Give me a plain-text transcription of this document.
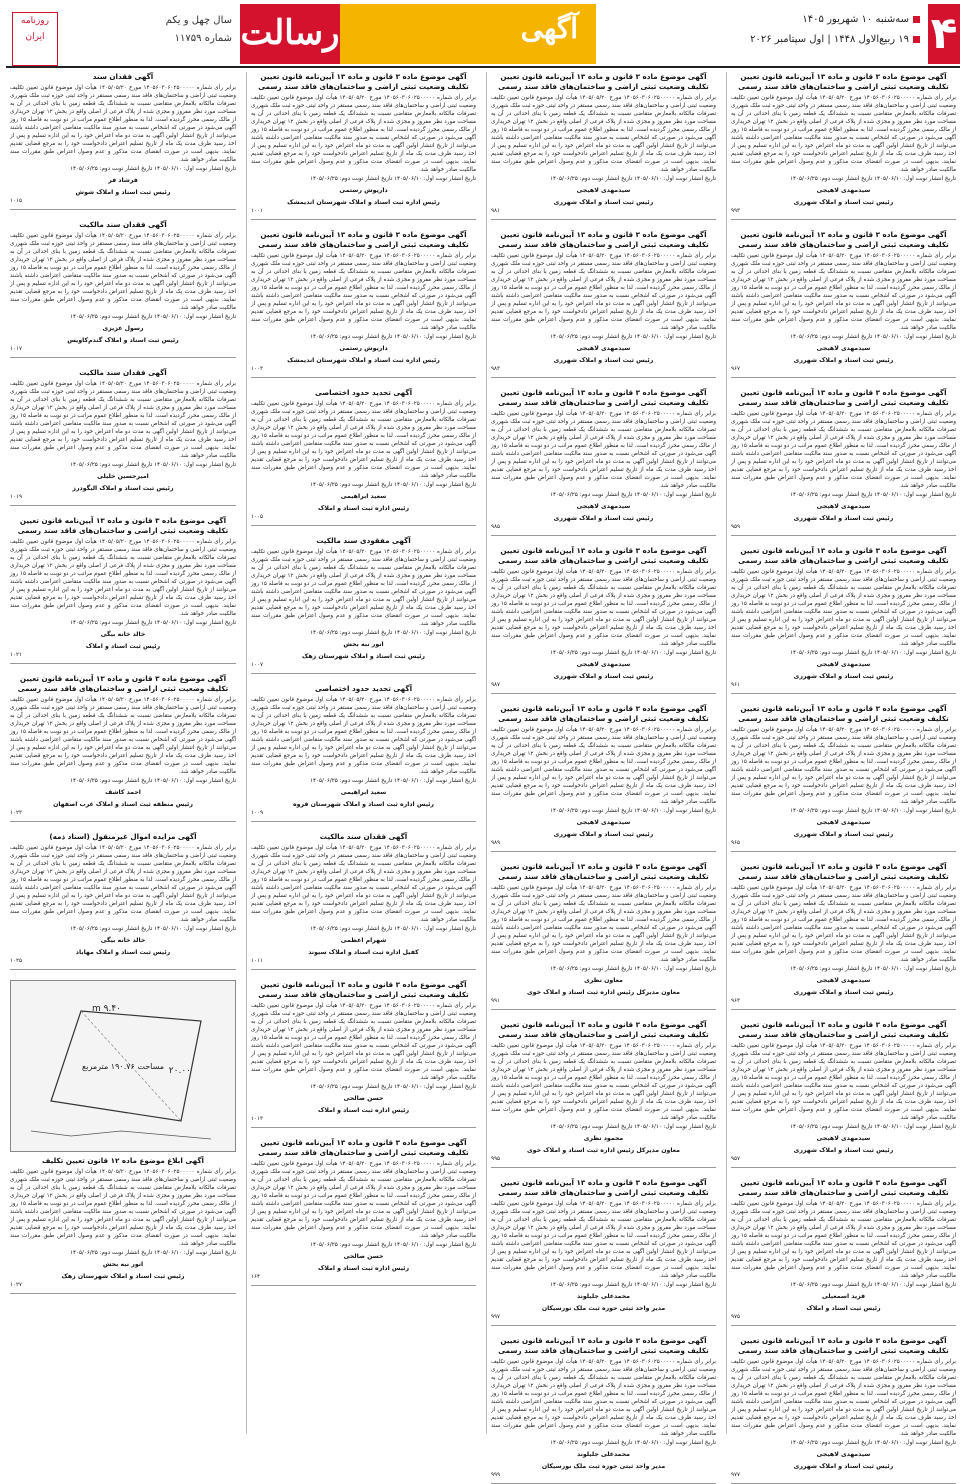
۴
سه‌شنبه ۱۰ شهریور ۱۴۰۵
۱۹ ربیع‌الاول ۱۴۴۸ | اول سپتامبر ۲۰۲۶
آگهی
رسالت
روزنامه ایران
سال چهل و یکم
شماره ۱۱۷۵۹

آگهی موضوع ماده ۳ قانون و ماده ۱۳ آیین‌نامه قانون تعیین تکلیف وضعیت ثبتی اراضی و ساختمان‌های فاقد سند رسمی

برابر رأی شماره ۱۴۰۵۶۰۳۰۶۰۲۵۰۰۰۰۰ مورخ ۱۴۰۵/۰۵/۲۰ هیأت اول موضوع قانون تعیین تکلیف وضعیت ثبتی اراضی و ساختمان‌های فاقد سند رسمی مستقر در واحد ثبتی حوزه ثبت ملک شهرری تصرفات مالکانه بلامعارض متقاضی نسبت به ششدانگ یک قطعه زمین با بنای احداثی در آن به مساحت مورد نظر مفروز و مجزی شده از پلاک فرعی از اصلی واقع در بخش ۱۲ تهران خریداری از مالک رسمی محرز گردیده است. لذا به منظور اطلاع عموم مراتب در دو نوبت به فاصله ۱۵ روز آگهی می‌شود در صورتی که اشخاص نسبت به صدور سند مالکیت متقاضی اعتراضی داشته باشند می‌توانند از تاریخ انتشار اولین آگهی به مدت دو ماه اعتراض خود را به این اداره تسلیم و پس از اخذ رسید ظرف مدت یک ماه از تاریخ تسلیم اعتراض دادخواست خود را به مرجع قضایی تقدیم نمایند. بدیهی است در صورت انقضای مدت مذکور و عدم وصول اعتراض طبق مقررات سند مالکیت صادر خواهد شد.

تاریخ انتشار نوبت اول: ۱۴۰۵/۰۶/۱۰ تاریخ انتشار نوبت دوم: ۱۴۰۵/۰۶/۲۵

سیدمهدی لاهیجی

رئیس ثبت اسناد و املاک شهرری

۹۹۳

آگهی موضوع ماده ۳ قانون و ماده ۱۳ آیین‌نامه قانون تعیین تکلیف وضعیت ثبتی اراضی و ساختمان‌های فاقد سند رسمی

برابر رأی شماره ۱۴۰۵۶۰۳۰۶۰۲۵۰۰۰۰۰ مورخ ۱۴۰۵/۰۵/۲۰ هیأت اول موضوع قانون تعیین تکلیف وضعیت ثبتی اراضی و ساختمان‌های فاقد سند رسمی مستقر در واحد ثبتی حوزه ثبت ملک شهرری تصرفات مالکانه بلامعارض متقاضی نسبت به ششدانگ یک قطعه زمین با بنای احداثی در آن به مساحت مورد نظر مفروز و مجزی شده از پلاک فرعی از اصلی واقع در بخش ۱۲ تهران خریداری از مالک رسمی محرز گردیده است. لذا به منظور اطلاع عموم مراتب در دو نوبت به فاصله ۱۵ روز آگهی می‌شود در صورتی که اشخاص نسبت به صدور سند مالکیت متقاضی اعتراضی داشته باشند می‌توانند از تاریخ انتشار اولین آگهی به مدت دو ماه اعتراض خود را به این اداره تسلیم و پس از اخذ رسید ظرف مدت یک ماه از تاریخ تسلیم اعتراض دادخواست خود را به مرجع قضایی تقدیم نمایند. بدیهی است در صورت انقضای مدت مذکور و عدم وصول اعتراض طبق مقررات سند مالکیت صادر خواهد شد.

تاریخ انتشار نوبت اول: ۱۴۰۵/۰۶/۱۰ تاریخ انتشار نوبت دوم: ۱۴۰۵/۰۶/۲۵

سیدمهدی لاهیجی

رئیس ثبت اسناد و املاک شهرری

۹۶۷

آگهی موضوع ماده ۳ قانون و ماده ۱۳ آیین‌نامه قانون تعیین تکلیف وضعیت ثبتی اراضی و ساختمان‌های فاقد سند رسمی

برابر رأی شماره ۱۴۰۵۶۰۳۰۶۰۲۵۰۰۰۰۰ مورخ ۱۴۰۵/۰۵/۲۰ هیأت اول موضوع قانون تعیین تکلیف وضعیت ثبتی اراضی و ساختمان‌های فاقد سند رسمی مستقر در واحد ثبتی حوزه ثبت ملک شهرری تصرفات مالکانه بلامعارض متقاضی نسبت به ششدانگ یک قطعه زمین با بنای احداثی در آن به مساحت مورد نظر مفروز و مجزی شده از پلاک فرعی از اصلی واقع در بخش ۱۲ تهران خریداری از مالک رسمی محرز گردیده است. لذا به منظور اطلاع عموم مراتب در دو نوبت به فاصله ۱۵ روز آگهی می‌شود در صورتی که اشخاص نسبت به صدور سند مالکیت متقاضی اعتراضی داشته باشند می‌توانند از تاریخ انتشار اولین آگهی به مدت دو ماه اعتراض خود را به این اداره تسلیم و پس از اخذ رسید ظرف مدت یک ماه از تاریخ تسلیم اعتراض دادخواست خود را به مرجع قضایی تقدیم نمایند. بدیهی است در صورت انقضای مدت مذکور و عدم وصول اعتراض طبق مقررات سند مالکیت صادر خواهد شد.

تاریخ انتشار نوبت اول: ۱۴۰۵/۰۶/۱۰ تاریخ انتشار نوبت دوم: ۱۴۰۵/۰۶/۲۵

سیدمهدی لاهیجی

رئیس ثبت اسناد و املاک شهرری

۹۵۹

آگهی موضوع ماده ۳ قانون و ماده ۱۳ آیین‌نامه قانون تعیین تکلیف وضعیت ثبتی اراضی و ساختمان‌های فاقد سند رسمی

برابر رأی شماره ۱۴۰۵۶۰۳۰۶۰۲۵۰۰۰۰۰ مورخ ۱۴۰۵/۰۵/۲۰ هیأت اول موضوع قانون تعیین تکلیف وضعیت ثبتی اراضی و ساختمان‌های فاقد سند رسمی مستقر در واحد ثبتی حوزه ثبت ملک شهرری تصرفات مالکانه بلامعارض متقاضی نسبت به ششدانگ یک قطعه زمین با بنای احداثی در آن به مساحت مورد نظر مفروز و مجزی شده از پلاک فرعی از اصلی واقع در بخش ۱۲ تهران خریداری از مالک رسمی محرز گردیده است. لذا به منظور اطلاع عموم مراتب در دو نوبت به فاصله ۱۵ روز آگهی می‌شود در صورتی که اشخاص نسبت به صدور سند مالکیت متقاضی اعتراضی داشته باشند می‌توانند از تاریخ انتشار اولین آگهی به مدت دو ماه اعتراض خود را به این اداره تسلیم و پس از اخذ رسید ظرف مدت یک ماه از تاریخ تسلیم اعتراض دادخواست خود را به مرجع قضایی تقدیم نمایند. بدیهی است در صورت انقضای مدت مذکور و عدم وصول اعتراض طبق مقررات سند مالکیت صادر خواهد شد.

تاریخ انتشار نوبت اول: ۱۴۰۵/۰۶/۱۰ تاریخ انتشار نوبت دوم: ۱۴۰۵/۰۶/۲۵

سیدمهدی لاهیجی

رئیس ثبت اسناد و املاک شهرری

۹۶۱

آگهی موضوع ماده ۳ قانون و ماده ۱۳ آیین‌نامه قانون تعیین تکلیف وضعیت ثبتی اراضی و ساختمان‌های فاقد سند رسمی

برابر رأی شماره ۱۴۰۵۶۰۳۰۶۰۲۵۰۰۰۰۰ مورخ ۱۴۰۵/۰۵/۲۰ هیأت اول موضوع قانون تعیین تکلیف وضعیت ثبتی اراضی و ساختمان‌های فاقد سند رسمی مستقر در واحد ثبتی حوزه ثبت ملک شهرری تصرفات مالکانه بلامعارض متقاضی نسبت به ششدانگ یک قطعه زمین با بنای احداثی در آن به مساحت مورد نظر مفروز و مجزی شده از پلاک فرعی از اصلی واقع در بخش ۱۲ تهران خریداری از مالک رسمی محرز گردیده است. لذا به منظور اطلاع عموم مراتب در دو نوبت به فاصله ۱۵ روز آگهی می‌شود در صورتی که اشخاص نسبت به صدور سند مالکیت متقاضی اعتراضی داشته باشند می‌توانند از تاریخ انتشار اولین آگهی به مدت دو ماه اعتراض خود را به این اداره تسلیم و پس از اخذ رسید ظرف مدت یک ماه از تاریخ تسلیم اعتراض دادخواست خود را به مرجع قضایی تقدیم نمایند. بدیهی است در صورت انقضای مدت مذکور و عدم وصول اعتراض طبق مقررات سند مالکیت صادر خواهد شد.

تاریخ انتشار نوبت اول: ۱۴۰۵/۰۶/۱۰ تاریخ انتشار نوبت دوم: ۱۴۰۵/۰۶/۲۵

سیدمهدی لاهیجی

رئیس ثبت اسناد و املاک شهرری

۹۶۵

آگهی موضوع ماده ۳ قانون و ماده ۱۳ آیین‌نامه قانون تعیین تکلیف وضعیت ثبتی اراضی و ساختمان‌های فاقد سند رسمی

برابر رأی شماره ۱۴۰۵۶۰۳۰۶۰۲۵۰۰۰۰۰ مورخ ۱۴۰۵/۰۵/۲۰ هیأت اول موضوع قانون تعیین تکلیف وضعیت ثبتی اراضی و ساختمان‌های فاقد سند رسمی مستقر در واحد ثبتی حوزه ثبت ملک شهرری تصرفات مالکانه بلامعارض متقاضی نسبت به ششدانگ یک قطعه زمین با بنای احداثی در آن به مساحت مورد نظر مفروز و مجزی شده از پلاک فرعی از اصلی واقع در بخش ۱۲ تهران خریداری از مالک رسمی محرز گردیده است. لذا به منظور اطلاع عموم مراتب در دو نوبت به فاصله ۱۵ روز آگهی می‌شود در صورتی که اشخاص نسبت به صدور سند مالکیت متقاضی اعتراضی داشته باشند می‌توانند از تاریخ انتشار اولین آگهی به مدت دو ماه اعتراض خود را به این اداره تسلیم و پس از اخذ رسید ظرف مدت یک ماه از تاریخ تسلیم اعتراض دادخواست خود را به مرجع قضایی تقدیم نمایند. بدیهی است در صورت انقضای مدت مذکور و عدم وصول اعتراض طبق مقررات سند مالکیت صادر خواهد شد.

تاریخ انتشار نوبت اول: ۱۴۰۵/۰۶/۱۰ تاریخ انتشار نوبت دوم: ۱۴۰۵/۰۶/۲۵

سیدمهدی لاهیجی

رئیس ثبت اسناد و املاک شهرری

۹۶۳

آگهی موضوع ماده ۳ قانون و ماده ۱۳ آیین‌نامه قانون تعیین تکلیف وضعیت ثبتی اراضی و ساختمان‌های فاقد سند رسمی

برابر رأی شماره ۱۴۰۵۶۰۳۰۶۰۲۵۰۰۰۰۰ مورخ ۱۴۰۵/۰۵/۲۰ هیأت اول موضوع قانون تعیین تکلیف وضعیت ثبتی اراضی و ساختمان‌های فاقد سند رسمی مستقر در واحد ثبتی حوزه ثبت ملک شهرری تصرفات مالکانه بلامعارض متقاضی نسبت به ششدانگ یک قطعه زمین با بنای احداثی در آن به مساحت مورد نظر مفروز و مجزی شده از پلاک فرعی از اصلی واقع در بخش ۱۲ تهران خریداری از مالک رسمی محرز گردیده است. لذا به منظور اطلاع عموم مراتب در دو نوبت به فاصله ۱۵ روز آگهی می‌شود در صورتی که اشخاص نسبت به صدور سند مالکیت متقاضی اعتراضی داشته باشند می‌توانند از تاریخ انتشار اولین آگهی به مدت دو ماه اعتراض خود را به این اداره تسلیم و پس از اخذ رسید ظرف مدت یک ماه از تاریخ تسلیم اعتراض دادخواست خود را به مرجع قضایی تقدیم نمایند. بدیهی است در صورت انقضای مدت مذکور و عدم وصول اعتراض طبق مقررات سند مالکیت صادر خواهد شد.

تاریخ انتشار نوبت اول: ۱۴۰۵/۰۶/۱۰ تاریخ انتشار نوبت دوم: ۱۴۰۵/۰۶/۲۵

سیدمهدی لاهیجی

رئیس ثبت اسناد و املاک شهرری

۹۵۷

آگهی موضوع ماده ۳ قانون و ماده ۱۳ آیین‌نامه قانون تعیین تکلیف وضعیت ثبتی اراضی و ساختمان‌های فاقد سند رسمی

برابر رأی شماره ۱۴۰۵۶۰۳۰۶۰۲۵۰۰۰۰۰ مورخ ۱۴۰۵/۰۵/۲۰ هیأت اول موضوع قانون تعیین تکلیف وضعیت ثبتی اراضی و ساختمان‌های فاقد سند رسمی مستقر در واحد ثبتی حوزه ثبت ملک شهرری تصرفات مالکانه بلامعارض متقاضی نسبت به ششدانگ یک قطعه زمین با بنای احداثی در آن به مساحت مورد نظر مفروز و مجزی شده از پلاک فرعی از اصلی واقع در بخش ۱۲ تهران خریداری از مالک رسمی محرز گردیده است. لذا به منظور اطلاع عموم مراتب در دو نوبت به فاصله ۱۵ روز آگهی می‌شود در صورتی که اشخاص نسبت به صدور سند مالکیت متقاضی اعتراضی داشته باشند می‌توانند از تاریخ انتشار اولین آگهی به مدت دو ماه اعتراض خود را به این اداره تسلیم و پس از اخذ رسید ظرف مدت یک ماه از تاریخ تسلیم اعتراض دادخواست خود را به مرجع قضایی تقدیم نمایند. بدیهی است در صورت انقضای مدت مذکور و عدم وصول اعتراض طبق مقررات سند مالکیت صادر خواهد شد.

تاریخ انتشار نوبت اول: ۱۴۰۵/۰۶/۱۰ تاریخ انتشار نوبت دوم: ۱۴۰۵/۰۶/۲۵

فرید اسمعیلی

رئیس ثبت اسناد و املاک

۹۷۵

آگهی موضوع ماده ۳ قانون و ماده ۱۳ آیین‌نامه قانون تعیین تکلیف وضعیت ثبتی اراضی و ساختمان‌های فاقد سند رسمی

برابر رأی شماره ۱۴۰۵۶۰۳۰۶۰۲۵۰۰۰۰۰ مورخ ۱۴۰۵/۰۵/۲۰ هیأت اول موضوع قانون تعیین تکلیف وضعیت ثبتی اراضی و ساختمان‌های فاقد سند رسمی مستقر در واحد ثبتی حوزه ثبت ملک شهرری تصرفات مالکانه بلامعارض متقاضی نسبت به ششدانگ یک قطعه زمین با بنای احداثی در آن به مساحت مورد نظر مفروز و مجزی شده از پلاک فرعی از اصلی واقع در بخش ۱۲ تهران خریداری از مالک رسمی محرز گردیده است. لذا به منظور اطلاع عموم مراتب در دو نوبت به فاصله ۱۵ روز آگهی می‌شود در صورتی که اشخاص نسبت به صدور سند مالکیت متقاضی اعتراضی داشته باشند می‌توانند از تاریخ انتشار اولین آگهی به مدت دو ماه اعتراض خود را به این اداره تسلیم و پس از اخذ رسید ظرف مدت یک ماه از تاریخ تسلیم اعتراض دادخواست خود را به مرجع قضایی تقدیم نمایند. بدیهی است در صورت انقضای مدت مذکور و عدم وصول اعتراض طبق مقررات سند مالکیت صادر خواهد شد.

تاریخ انتشار نوبت اول: ۱۴۰۵/۰۶/۱۰ تاریخ انتشار نوبت دوم: ۱۴۰۵/۰۶/۲۵

سیدمهدی لاهیجی

رئیس ثبت اسناد و املاک شهرری

۹۷۷

آگهی موضوع ماده ۳ قانون و ماده ۱۳ آیین‌نامه قانون تعیین تکلیف وضعیت ثبتی اراضی و ساختمان‌های فاقد سند رسمی

برابر رأی شماره ۱۴۰۵۶۰۳۰۶۰۲۵۰۰۰۰۰ مورخ ۱۴۰۵/۰۵/۲۰ هیأت اول موضوع قانون تعیین تکلیف وضعیت ثبتی اراضی و ساختمان‌های فاقد سند رسمی مستقر در واحد ثبتی حوزه ثبت ملک شهرری تصرفات مالکانه بلامعارض متقاضی نسبت به ششدانگ یک قطعه زمین با بنای احداثی در آن به مساحت مورد نظر مفروز و مجزی شده از پلاک فرعی از اصلی واقع در بخش ۱۲ تهران خریداری از مالک رسمی محرز گردیده است. لذا به منظور اطلاع عموم مراتب در دو نوبت به فاصله ۱۵ روز آگهی می‌شود در صورتی که اشخاص نسبت به صدور سند مالکیت متقاضی اعتراضی داشته باشند می‌توانند از تاریخ انتشار اولین آگهی به مدت دو ماه اعتراض خود را به این اداره تسلیم و پس از اخذ رسید ظرف مدت یک ماه از تاریخ تسلیم اعتراض دادخواست خود را به مرجع قضایی تقدیم نمایند. بدیهی است در صورت انقضای مدت مذکور و عدم وصول اعتراض طبق مقررات سند مالکیت صادر خواهد شد.

تاریخ انتشار نوبت اول: ۱۴۰۵/۰۶/۱۰ تاریخ انتشار نوبت دوم: ۱۴۰۵/۰۶/۲۵

سیدمهدی لاهیجی

رئیس ثبت اسناد و املاک شهرری

۹۸۱

آگهی موضوع ماده ۳ قانون و ماده ۱۳ آیین‌نامه قانون تعیین تکلیف وضعیت ثبتی اراضی و ساختمان‌های فاقد سند رسمی

برابر رأی شماره ۱۴۰۵۶۰۳۰۶۰۲۵۰۰۰۰۰ مورخ ۱۴۰۵/۰۵/۲۰ هیأت اول موضوع قانون تعیین تکلیف وضعیت ثبتی اراضی و ساختمان‌های فاقد سند رسمی مستقر در واحد ثبتی حوزه ثبت ملک شهرری تصرفات مالکانه بلامعارض متقاضی نسبت به ششدانگ یک قطعه زمین با بنای احداثی در آن به مساحت مورد نظر مفروز و مجزی شده از پلاک فرعی از اصلی واقع در بخش ۱۲ تهران خریداری از مالک رسمی محرز گردیده است. لذا به منظور اطلاع عموم مراتب در دو نوبت به فاصله ۱۵ روز آگهی می‌شود در صورتی که اشخاص نسبت به صدور سند مالکیت متقاضی اعتراضی داشته باشند می‌توانند از تاریخ انتشار اولین آگهی به مدت دو ماه اعتراض خود را به این اداره تسلیم و پس از اخذ رسید ظرف مدت یک ماه از تاریخ تسلیم اعتراض دادخواست خود را به مرجع قضایی تقدیم نمایند. بدیهی است در صورت انقضای مدت مذکور و عدم وصول اعتراض طبق مقررات سند مالکیت صادر خواهد شد.

تاریخ انتشار نوبت اول: ۱۴۰۵/۰۶/۱۰ تاریخ انتشار نوبت دوم: ۱۴۰۵/۰۶/۲۵

سیدمهدی لاهیجی

رئیس ثبت اسناد و املاک شهرری

۹۸۳

آگهی موضوع ماده ۳ قانون و ماده ۱۳ آیین‌نامه قانون تعیین تکلیف وضعیت ثبتی اراضی و ساختمان‌های فاقد سند رسمی

برابر رأی شماره ۱۴۰۵۶۰۳۰۶۰۲۵۰۰۰۰۰ مورخ ۱۴۰۵/۰۵/۲۰ هیأت اول موضوع قانون تعیین تکلیف وضعیت ثبتی اراضی و ساختمان‌های فاقد سند رسمی مستقر در واحد ثبتی حوزه ثبت ملک شهرری تصرفات مالکانه بلامعارض متقاضی نسبت به ششدانگ یک قطعه زمین با بنای احداثی در آن به مساحت مورد نظر مفروز و مجزی شده از پلاک فرعی از اصلی واقع در بخش ۱۲ تهران خریداری از مالک رسمی محرز گردیده است. لذا به منظور اطلاع عموم مراتب در دو نوبت به فاصله ۱۵ روز آگهی می‌شود در صورتی که اشخاص نسبت به صدور سند مالکیت متقاضی اعتراضی داشته باشند می‌توانند از تاریخ انتشار اولین آگهی به مدت دو ماه اعتراض خود را به این اداره تسلیم و پس از اخذ رسید ظرف مدت یک ماه از تاریخ تسلیم اعتراض دادخواست خود را به مرجع قضایی تقدیم نمایند. بدیهی است در صورت انقضای مدت مذکور و عدم وصول اعتراض طبق مقررات سند مالکیت صادر خواهد شد.

تاریخ انتشار نوبت اول: ۱۴۰۵/۰۶/۱۰ تاریخ انتشار نوبت دوم: ۱۴۰۵/۰۶/۲۵

سیدمهدی لاهیجی

رئیس ثبت اسناد و املاک شهرری

۹۸۵

آگهی موضوع ماده ۳ قانون و ماده ۱۳ آیین‌نامه قانون تعیین تکلیف وضعیت ثبتی اراضی و ساختمان‌های فاقد سند رسمی

برابر رأی شماره ۱۴۰۵۶۰۳۰۶۰۲۵۰۰۰۰۰ مورخ ۱۴۰۵/۰۵/۲۰ هیأت اول موضوع قانون تعیین تکلیف وضعیت ثبتی اراضی و ساختمان‌های فاقد سند رسمی مستقر در واحد ثبتی حوزه ثبت ملک شهرری تصرفات مالکانه بلامعارض متقاضی نسبت به ششدانگ یک قطعه زمین با بنای احداثی در آن به مساحت مورد نظر مفروز و مجزی شده از پلاک فرعی از اصلی واقع در بخش ۱۲ تهران خریداری از مالک رسمی محرز گردیده است. لذا به منظور اطلاع عموم مراتب در دو نوبت به فاصله ۱۵ روز آگهی می‌شود در صورتی که اشخاص نسبت به صدور سند مالکیت متقاضی اعتراضی داشته باشند می‌توانند از تاریخ انتشار اولین آگهی به مدت دو ماه اعتراض خود را به این اداره تسلیم و پس از اخذ رسید ظرف مدت یک ماه از تاریخ تسلیم اعتراض دادخواست خود را به مرجع قضایی تقدیم نمایند. بدیهی است در صورت انقضای مدت مذکور و عدم وصول اعتراض طبق مقررات سند مالکیت صادر خواهد شد.

تاریخ انتشار نوبت اول: ۱۴۰۵/۰۶/۱۰ تاریخ انتشار نوبت دوم: ۱۴۰۵/۰۶/۲۵

سیدمهدی لاهیجی

رئیس ثبت اسناد و املاک شهرری

۹۸۷

آگهی موضوع ماده ۳ قانون و ماده ۱۳ آیین‌نامه قانون تعیین تکلیف وضعیت ثبتی اراضی و ساختمان‌های فاقد سند رسمی

برابر رأی شماره ۱۴۰۵۶۰۳۰۶۰۲۵۰۰۰۰۰ مورخ ۱۴۰۵/۰۵/۲۰ هیأت اول موضوع قانون تعیین تکلیف وضعیت ثبتی اراضی و ساختمان‌های فاقد سند رسمی مستقر در واحد ثبتی حوزه ثبت ملک شهرری تصرفات مالکانه بلامعارض متقاضی نسبت به ششدانگ یک قطعه زمین با بنای احداثی در آن به مساحت مورد نظر مفروز و مجزی شده از پلاک فرعی از اصلی واقع در بخش ۱۲ تهران خریداری از مالک رسمی محرز گردیده است. لذا به منظور اطلاع عموم مراتب در دو نوبت به فاصله ۱۵ روز آگهی می‌شود در صورتی که اشخاص نسبت به صدور سند مالکیت متقاضی اعتراضی داشته باشند می‌توانند از تاریخ انتشار اولین آگهی به مدت دو ماه اعتراض خود را به این اداره تسلیم و پس از اخذ رسید ظرف مدت یک ماه از تاریخ تسلیم اعتراض دادخواست خود را به مرجع قضایی تقدیم نمایند. بدیهی است در صورت انقضای مدت مذکور و عدم وصول اعتراض طبق مقررات سند مالکیت صادر خواهد شد.

تاریخ انتشار نوبت اول: ۱۴۰۵/۰۶/۱۰ تاریخ انتشار نوبت دوم: ۱۴۰۵/۰۶/۲۵

سیدمهدی لاهیجی

رئیس ثبت اسناد و املاک شهرری

۹۸۹

آگهی موضوع ماده ۳ قانون و ماده ۱۳ آیین‌نامه قانون تعیین تکلیف وضعیت ثبتی اراضی و ساختمان‌های فاقد سند رسمی

برابر رأی شماره ۱۴۰۵۶۰۳۰۶۰۲۵۰۰۰۰۰ مورخ ۱۴۰۵/۰۵/۲۰ هیأت اول موضوع قانون تعیین تکلیف وضعیت ثبتی اراضی و ساختمان‌های فاقد سند رسمی مستقر در واحد ثبتی حوزه ثبت ملک شهرری تصرفات مالکانه بلامعارض متقاضی نسبت به ششدانگ یک قطعه زمین با بنای احداثی در آن به مساحت مورد نظر مفروز و مجزی شده از پلاک فرعی از اصلی واقع در بخش ۱۲ تهران خریداری از مالک رسمی محرز گردیده است. لذا به منظور اطلاع عموم مراتب در دو نوبت به فاصله ۱۵ روز آگهی می‌شود در صورتی که اشخاص نسبت به صدور سند مالکیت متقاضی اعتراضی داشته باشند می‌توانند از تاریخ انتشار اولین آگهی به مدت دو ماه اعتراض خود را به این اداره تسلیم و پس از اخذ رسید ظرف مدت یک ماه از تاریخ تسلیم اعتراض دادخواست خود را به مرجع قضایی تقدیم نمایند. بدیهی است در صورت انقضای مدت مذکور و عدم وصول اعتراض طبق مقررات سند مالکیت صادر خواهد شد.

تاریخ انتشار نوبت اول: ۱۴۰۵/۰۶/۱۰ تاریخ انتشار نوبت دوم: ۱۴۰۵/۰۶/۲۵

معاون نظری

معاون مدیرکل رئیس اداره ثبت اسناد و املاک خوی

۹۹۱

آگهی موضوع ماده ۳ قانون و ماده ۱۳ آیین‌نامه قانون تعیین تکلیف وضعیت ثبتی اراضی و ساختمان‌های فاقد سند رسمی

برابر رأی شماره ۱۴۰۵۶۰۳۰۶۰۲۵۰۰۰۰۰ مورخ ۱۴۰۵/۰۵/۲۰ هیأت اول موضوع قانون تعیین تکلیف وضعیت ثبتی اراضی و ساختمان‌های فاقد سند رسمی مستقر در واحد ثبتی حوزه ثبت ملک شهرری تصرفات مالکانه بلامعارض متقاضی نسبت به ششدانگ یک قطعه زمین با بنای احداثی در آن به مساحت مورد نظر مفروز و مجزی شده از پلاک فرعی از اصلی واقع در بخش ۱۲ تهران خریداری از مالک رسمی محرز گردیده است. لذا به منظور اطلاع عموم مراتب در دو نوبت به فاصله ۱۵ روز آگهی می‌شود در صورتی که اشخاص نسبت به صدور سند مالکیت متقاضی اعتراضی داشته باشند می‌توانند از تاریخ انتشار اولین آگهی به مدت دو ماه اعتراض خود را به این اداره تسلیم و پس از اخذ رسید ظرف مدت یک ماه از تاریخ تسلیم اعتراض دادخواست خود را به مرجع قضایی تقدیم نمایند. بدیهی است در صورت انقضای مدت مذکور و عدم وصول اعتراض طبق مقررات سند مالکیت صادر خواهد شد.

تاریخ انتشار نوبت اول: ۱۴۰۵/۰۶/۱۰ تاریخ انتشار نوبت دوم: ۱۴۰۵/۰۶/۲۵

محمود نظری

معاون مدیرکل رئیس اداره ثبت اسناد و املاک خوی

۹۹۵

آگهی موضوع ماده ۳ قانون و ماده ۱۳ آیین‌نامه قانون تعیین تکلیف وضعیت ثبتی اراضی و ساختمان‌های فاقد سند رسمی

برابر رأی شماره ۱۴۰۵۶۰۳۰۶۰۲۵۰۰۰۰۰ مورخ ۱۴۰۵/۰۵/۲۰ هیأت اول موضوع قانون تعیین تکلیف وضعیت ثبتی اراضی و ساختمان‌های فاقد سند رسمی مستقر در واحد ثبتی حوزه ثبت ملک شهرری تصرفات مالکانه بلامعارض متقاضی نسبت به ششدانگ یک قطعه زمین با بنای احداثی در آن به مساحت مورد نظر مفروز و مجزی شده از پلاک فرعی از اصلی واقع در بخش ۱۲ تهران خریداری از مالک رسمی محرز گردیده است. لذا به منظور اطلاع عموم مراتب در دو نوبت به فاصله ۱۵ روز آگهی می‌شود در صورتی که اشخاص نسبت به صدور سند مالکیت متقاضی اعتراضی داشته باشند می‌توانند از تاریخ انتشار اولین آگهی به مدت دو ماه اعتراض خود را به این اداره تسلیم و پس از اخذ رسید ظرف مدت یک ماه از تاریخ تسلیم اعتراض دادخواست خود را به مرجع قضایی تقدیم نمایند. بدیهی است در صورت انقضای مدت مذکور و عدم وصول اعتراض طبق مقررات سند مالکیت صادر خواهد شد.

تاریخ انتشار نوبت اول: ۱۴۰۵/۰۶/۱۰ تاریخ انتشار نوبت دوم: ۱۴۰۵/۰۶/۲۵

محمدعلی جلیلوند

مدیر واحد ثبتی حوزه ثبت ملک نورسیکان

۹۹۷

آگهی موضوع ماده ۳ قانون و ماده ۱۳ آیین‌نامه قانون تعیین تکلیف وضعیت ثبتی اراضی و ساختمان‌های فاقد سند رسمی

برابر رأی شماره ۱۴۰۵۶۰۳۰۶۰۲۵۰۰۰۰۰ مورخ ۱۴۰۵/۰۵/۲۰ هیأت اول موضوع قانون تعیین تکلیف وضعیت ثبتی اراضی و ساختمان‌های فاقد سند رسمی مستقر در واحد ثبتی حوزه ثبت ملک شهرری تصرفات مالکانه بلامعارض متقاضی نسبت به ششدانگ یک قطعه زمین با بنای احداثی در آن به مساحت مورد نظر مفروز و مجزی شده از پلاک فرعی از اصلی واقع در بخش ۱۲ تهران خریداری از مالک رسمی محرز گردیده است. لذا به منظور اطلاع عموم مراتب در دو نوبت به فاصله ۱۵ روز آگهی می‌شود در صورتی که اشخاص نسبت به صدور سند مالکیت متقاضی اعتراضی داشته باشند می‌توانند از تاریخ انتشار اولین آگهی به مدت دو ماه اعتراض خود را به این اداره تسلیم و پس از اخذ رسید ظرف مدت یک ماه از تاریخ تسلیم اعتراض دادخواست خود را به مرجع قضایی تقدیم نمایند. بدیهی است در صورت انقضای مدت مذکور و عدم وصول اعتراض طبق مقررات سند مالکیت صادر خواهد شد.

تاریخ انتشار نوبت اول: ۱۴۰۵/۰۶/۱۰ تاریخ انتشار نوبت دوم: ۱۴۰۵/۰۶/۲۵

محمدعلی جلیلوند

مدیر واحد ثبتی حوزه ثبت ملک نورسیکان

۹۹۹

آگهی موضوع ماده ۳ قانون و ماده ۱۳ آیین‌نامه قانون تعیین تکلیف وضعیت ثبتی اراضی و ساختمان‌های فاقد سند رسمی

برابر رأی شماره ۱۴۰۵۶۰۳۰۶۰۲۵۰۰۰۰۰ مورخ ۱۴۰۵/۰۵/۲۰ هیأت اول موضوع قانون تعیین تکلیف وضعیت ثبتی اراضی و ساختمان‌های فاقد سند رسمی مستقر در واحد ثبتی حوزه ثبت ملک شهرری تصرفات مالکانه بلامعارض متقاضی نسبت به ششدانگ یک قطعه زمین با بنای احداثی در آن به مساحت مورد نظر مفروز و مجزی شده از پلاک فرعی از اصلی واقع در بخش ۱۲ تهران خریداری از مالک رسمی محرز گردیده است. لذا به منظور اطلاع عموم مراتب در دو نوبت به فاصله ۱۵ روز آگهی می‌شود در صورتی که اشخاص نسبت به صدور سند مالکیت متقاضی اعتراضی داشته باشند می‌توانند از تاریخ انتشار اولین آگهی به مدت دو ماه اعتراض خود را به این اداره تسلیم و پس از اخذ رسید ظرف مدت یک ماه از تاریخ تسلیم اعتراض دادخواست خود را به مرجع قضایی تقدیم نمایند. بدیهی است در صورت انقضای مدت مذکور و عدم وصول اعتراض طبق مقررات سند مالکیت صادر خواهد شد.

تاریخ انتشار نوبت اول: ۱۴۰۵/۰۶/۱۰ تاریخ انتشار نوبت دوم: ۱۴۰۵/۰۶/۲۵

داریوش رستمی

رئیس اداره ثبت اسناد و املاک شهرستان اندیمشک

۱۰۰۱

آگهی موضوع ماده ۳ قانون و ماده ۱۳ آیین‌نامه قانون تعیین تکلیف وضعیت ثبتی اراضی و ساختمان‌های فاقد سند رسمی

برابر رأی شماره ۱۴۰۵۶۰۳۰۶۰۲۵۰۰۰۰۰ مورخ ۱۴۰۵/۰۵/۲۰ هیأت اول موضوع قانون تعیین تکلیف وضعیت ثبتی اراضی و ساختمان‌های فاقد سند رسمی مستقر در واحد ثبتی حوزه ثبت ملک شهرری تصرفات مالکانه بلامعارض متقاضی نسبت به ششدانگ یک قطعه زمین با بنای احداثی در آن به مساحت مورد نظر مفروز و مجزی شده از پلاک فرعی از اصلی واقع در بخش ۱۲ تهران خریداری از مالک رسمی محرز گردیده است. لذا به منظور اطلاع عموم مراتب در دو نوبت به فاصله ۱۵ روز آگهی می‌شود در صورتی که اشخاص نسبت به صدور سند مالکیت متقاضی اعتراضی داشته باشند می‌توانند از تاریخ انتشار اولین آگهی به مدت دو ماه اعتراض خود را به این اداره تسلیم و پس از اخذ رسید ظرف مدت یک ماه از تاریخ تسلیم اعتراض دادخواست خود را به مرجع قضایی تقدیم نمایند. بدیهی است در صورت انقضای مدت مذکور و عدم وصول اعتراض طبق مقررات سند مالکیت صادر خواهد شد.

تاریخ انتشار نوبت اول: ۱۴۰۵/۰۶/۱۰ تاریخ انتشار نوبت دوم: ۱۴۰۵/۰۶/۲۵

داریوش رستمی

رئیس اداره ثبت اسناد و املاک شهرستان اندیمشک

۱۰۰۳

آگهی تحدید حدود اختصاصی

برابر رأی شماره ۱۴۰۵۶۰۳۰۶۰۲۵۰۰۰۰۰ مورخ ۱۴۰۵/۰۵/۲۰ هیأت اول موضوع قانون تعیین تکلیف وضعیت ثبتی اراضی و ساختمان‌های فاقد سند رسمی مستقر در واحد ثبتی حوزه ثبت ملک شهرری تصرفات مالکانه بلامعارض متقاضی نسبت به ششدانگ یک قطعه زمین با بنای احداثی در آن به مساحت مورد نظر مفروز و مجزی شده از پلاک فرعی از اصلی واقع در بخش ۱۲ تهران خریداری از مالک رسمی محرز گردیده است. لذا به منظور اطلاع عموم مراتب در دو نوبت به فاصله ۱۵ روز آگهی می‌شود در صورتی که اشخاص نسبت به صدور سند مالکیت متقاضی اعتراضی داشته باشند می‌توانند از تاریخ انتشار اولین آگهی به مدت دو ماه اعتراض خود را به این اداره تسلیم و پس از اخذ رسید ظرف مدت یک ماه از تاریخ تسلیم اعتراض دادخواست خود را به مرجع قضایی تقدیم نمایند. بدیهی است در صورت انقضای مدت مذکور و عدم وصول اعتراض طبق مقررات سند مالکیت صادر خواهد شد.

تاریخ انتشار نوبت اول: ۱۴۰۵/۰۶/۱۰ تاریخ انتشار نوبت دوم: ۱۴۰۵/۰۶/۲۵

سعید ابراهیمی

رئیس اداره ثبت اسناد و املاک

۱۰۰۵

آگهی مفقودی سند مالکیت

برابر رأی شماره ۱۴۰۵۶۰۳۰۶۰۲۵۰۰۰۰۰ مورخ ۱۴۰۵/۰۵/۲۰ هیأت اول موضوع قانون تعیین تکلیف وضعیت ثبتی اراضی و ساختمان‌های فاقد سند رسمی مستقر در واحد ثبتی حوزه ثبت ملک شهرری تصرفات مالکانه بلامعارض متقاضی نسبت به ششدانگ یک قطعه زمین با بنای احداثی در آن به مساحت مورد نظر مفروز و مجزی شده از پلاک فرعی از اصلی واقع در بخش ۱۲ تهران خریداری از مالک رسمی محرز گردیده است. لذا به منظور اطلاع عموم مراتب در دو نوبت به فاصله ۱۵ روز آگهی می‌شود در صورتی که اشخاص نسبت به صدور سند مالکیت متقاضی اعتراضی داشته باشند می‌توانند از تاریخ انتشار اولین آگهی به مدت دو ماه اعتراض خود را به این اداره تسلیم و پس از اخذ رسید ظرف مدت یک ماه از تاریخ تسلیم اعتراض دادخواست خود را به مرجع قضایی تقدیم نمایند. بدیهی است در صورت انقضای مدت مذکور و عدم وصول اعتراض طبق مقررات سند مالکیت صادر خواهد شد.

تاریخ انتشار نوبت اول: ۱۴۰۵/۰۶/۱۰ تاریخ انتشار نوبت دوم: ۱۴۰۵/۰۶/۲۵

انور نبه بحش

رئیس ثبت اسناد و املاک شهرستان زهک

۱۰۰۷

آگهی تحدید حدود اختصاصی

برابر رأی شماره ۱۴۰۵۶۰۳۰۶۰۲۵۰۰۰۰۰ مورخ ۱۴۰۵/۰۵/۲۰ هیأت اول موضوع قانون تعیین تکلیف وضعیت ثبتی اراضی و ساختمان‌های فاقد سند رسمی مستقر در واحد ثبتی حوزه ثبت ملک شهرری تصرفات مالکانه بلامعارض متقاضی نسبت به ششدانگ یک قطعه زمین با بنای احداثی در آن به مساحت مورد نظر مفروز و مجزی شده از پلاک فرعی از اصلی واقع در بخش ۱۲ تهران خریداری از مالک رسمی محرز گردیده است. لذا به منظور اطلاع عموم مراتب در دو نوبت به فاصله ۱۵ روز آگهی می‌شود در صورتی که اشخاص نسبت به صدور سند مالکیت متقاضی اعتراضی داشته باشند می‌توانند از تاریخ انتشار اولین آگهی به مدت دو ماه اعتراض خود را به این اداره تسلیم و پس از اخذ رسید ظرف مدت یک ماه از تاریخ تسلیم اعتراض دادخواست خود را به مرجع قضایی تقدیم نمایند. بدیهی است در صورت انقضای مدت مذکور و عدم وصول اعتراض طبق مقررات سند مالکیت صادر خواهد شد.

تاریخ انتشار نوبت اول: ۱۴۰۵/۰۶/۱۰ تاریخ انتشار نوبت دوم: ۱۴۰۵/۰۶/۲۵

سعید ابراهیمی

رئیس اداره ثبت اسناد و املاک شهرستان قروه

۱۰۰۹

آگهی فقدان سند مالکیت

برابر رأی شماره ۱۴۰۵۶۰۳۰۶۰۲۵۰۰۰۰۰ مورخ ۱۴۰۵/۰۵/۲۰ هیأت اول موضوع قانون تعیین تکلیف وضعیت ثبتی اراضی و ساختمان‌های فاقد سند رسمی مستقر در واحد ثبتی حوزه ثبت ملک شهرری تصرفات مالکانه بلامعارض متقاضی نسبت به ششدانگ یک قطعه زمین با بنای احداثی در آن به مساحت مورد نظر مفروز و مجزی شده از پلاک فرعی از اصلی واقع در بخش ۱۲ تهران خریداری از مالک رسمی محرز گردیده است. لذا به منظور اطلاع عموم مراتب در دو نوبت به فاصله ۱۵ روز آگهی می‌شود در صورتی که اشخاص نسبت به صدور سند مالکیت متقاضی اعتراضی داشته باشند می‌توانند از تاریخ انتشار اولین آگهی به مدت دو ماه اعتراض خود را به این اداره تسلیم و پس از اخذ رسید ظرف مدت یک ماه از تاریخ تسلیم اعتراض دادخواست خود را به مرجع قضایی تقدیم نمایند. بدیهی است در صورت انقضای مدت مذکور و عدم وصول اعتراض طبق مقررات سند مالکیت صادر خواهد شد.

تاریخ انتشار نوبت اول: ۱۴۰۵/۰۶/۱۰ تاریخ انتشار نوبت دوم: ۱۴۰۵/۰۶/۲۵

شهرام اعظمی

کفیل اداره ثبت اسناد و املاک سیوند

۱۰۱۱

آگهی موضوع ماده ۳ قانون و ماده ۱۳ آیین‌نامه قانون تعیین تکلیف وضعیت ثبتی اراضی و ساختمان‌های فاقد سند رسمی

برابر رأی شماره ۱۴۰۵۶۰۳۰۶۰۲۵۰۰۰۰۰ مورخ ۱۴۰۵/۰۵/۲۰ هیأت اول موضوع قانون تعیین تکلیف وضعیت ثبتی اراضی و ساختمان‌های فاقد سند رسمی مستقر در واحد ثبتی حوزه ثبت ملک شهرری تصرفات مالکانه بلامعارض متقاضی نسبت به ششدانگ یک قطعه زمین با بنای احداثی در آن به مساحت مورد نظر مفروز و مجزی شده از پلاک فرعی از اصلی واقع در بخش ۱۲ تهران خریداری از مالک رسمی محرز گردیده است. لذا به منظور اطلاع عموم مراتب در دو نوبت به فاصله ۱۵ روز آگهی می‌شود در صورتی که اشخاص نسبت به صدور سند مالکیت متقاضی اعتراضی داشته باشند می‌توانند از تاریخ انتشار اولین آگهی به مدت دو ماه اعتراض خود را به این اداره تسلیم و پس از اخذ رسید ظرف مدت یک ماه از تاریخ تسلیم اعتراض دادخواست خود را به مرجع قضایی تقدیم نمایند. بدیهی است در صورت انقضای مدت مذکور و عدم وصول اعتراض طبق مقررات سند مالکیت صادر خواهد شد.

تاریخ انتشار نوبت اول: ۱۴۰۵/۰۶/۱۰ تاریخ انتشار نوبت دوم: ۱۴۰۵/۰۶/۲۵

حسن صالحی

رئیس اداره ثبت اسناد و املاک

۱۰۱۳

آگهی موضوع ماده ۳ قانون و ماده ۱۳ آیین‌نامه قانون تعیین تکلیف وضعیت ثبتی اراضی و ساختمان‌های فاقد سند رسمی

برابر رأی شماره ۱۴۰۵۶۰۳۰۶۰۲۵۰۰۰۰۰ مورخ ۱۴۰۵/۰۵/۲۰ هیأت اول موضوع قانون تعیین تکلیف وضعیت ثبتی اراضی و ساختمان‌های فاقد سند رسمی مستقر در واحد ثبتی حوزه ثبت ملک شهرری تصرفات مالکانه بلامعارض متقاضی نسبت به ششدانگ یک قطعه زمین با بنای احداثی در آن به مساحت مورد نظر مفروز و مجزی شده از پلاک فرعی از اصلی واقع در بخش ۱۲ تهران خریداری از مالک رسمی محرز گردیده است. لذا به منظور اطلاع عموم مراتب در دو نوبت به فاصله ۱۵ روز آگهی می‌شود در صورتی که اشخاص نسبت به صدور سند مالکیت متقاضی اعتراضی داشته باشند می‌توانند از تاریخ انتشار اولین آگهی به مدت دو ماه اعتراض خود را به این اداره تسلیم و پس از اخذ رسید ظرف مدت یک ماه از تاریخ تسلیم اعتراض دادخواست خود را به مرجع قضایی تقدیم نمایند. بدیهی است در صورت انقضای مدت مذکور و عدم وصول اعتراض طبق مقررات سند مالکیت صادر خواهد شد.

تاریخ انتشار نوبت اول: ۱۴۰۵/۰۶/۱۰ تاریخ انتشار نوبت دوم: ۱۴۰۵/۰۶/۲۵

حسن صالحی

رئیس اداره ثبت اسناد و املاک

۱۶۴

آگهی فقدان سند

برابر رأی شماره ۱۴۰۵۶۰۳۰۶۰۲۵۰۰۰۰۰ مورخ ۱۴۰۵/۰۵/۲۰ هیأت اول موضوع قانون تعیین تکلیف وضعیت ثبتی اراضی و ساختمان‌های فاقد سند رسمی مستقر در واحد ثبتی حوزه ثبت ملک شهرری تصرفات مالکانه بلامعارض متقاضی نسبت به ششدانگ یک قطعه زمین با بنای احداثی در آن به مساحت مورد نظر مفروز و مجزی شده از پلاک فرعی از اصلی واقع در بخش ۱۲ تهران خریداری از مالک رسمی محرز گردیده است. لذا به منظور اطلاع عموم مراتب در دو نوبت به فاصله ۱۵ روز آگهی می‌شود در صورتی که اشخاص نسبت به صدور سند مالکیت متقاضی اعتراضی داشته باشند می‌توانند از تاریخ انتشار اولین آگهی به مدت دو ماه اعتراض خود را به این اداره تسلیم و پس از اخذ رسید ظرف مدت یک ماه از تاریخ تسلیم اعتراض دادخواست خود را به مرجع قضایی تقدیم نمایند. بدیهی است در صورت انقضای مدت مذکور و عدم وصول اعتراض طبق مقررات سند مالکیت صادر خواهد شد.

تاریخ انتشار نوبت اول: ۱۴۰۵/۰۶/۱۰ تاریخ انتشار نوبت دوم: ۱۴۰۵/۰۶/۲۵

فرشاد فر

رئیس ثبت اسناد و املاک شوش

۱۰۱۵

آگهی فقدان سند مالکیت

برابر رأی شماره ۱۴۰۵۶۰۳۰۶۰۲۵۰۰۰۰۰ مورخ ۱۴۰۵/۰۵/۲۰ هیأت اول موضوع قانون تعیین تکلیف وضعیت ثبتی اراضی و ساختمان‌های فاقد سند رسمی مستقر در واحد ثبتی حوزه ثبت ملک شهرری تصرفات مالکانه بلامعارض متقاضی نسبت به ششدانگ یک قطعه زمین با بنای احداثی در آن به مساحت مورد نظر مفروز و مجزی شده از پلاک فرعی از اصلی واقع در بخش ۱۲ تهران خریداری از مالک رسمی محرز گردیده است. لذا به منظور اطلاع عموم مراتب در دو نوبت به فاصله ۱۵ روز آگهی می‌شود در صورتی که اشخاص نسبت به صدور سند مالکیت متقاضی اعتراضی داشته باشند می‌توانند از تاریخ انتشار اولین آگهی به مدت دو ماه اعتراض خود را به این اداره تسلیم و پس از اخذ رسید ظرف مدت یک ماه از تاریخ تسلیم اعتراض دادخواست خود را به مرجع قضایی تقدیم نمایند. بدیهی است در صورت انقضای مدت مذکور و عدم وصول اعتراض طبق مقررات سند مالکیت صادر خواهد شد.

تاریخ انتشار نوبت اول: ۱۴۰۵/۰۶/۱۰ تاریخ انتشار نوبت دوم: ۱۴۰۵/۰۶/۲۵

رسول عزیزی

رئیس ثبت اسناد و املاک گندم‌کاویس

۱۰۱۷

آگهی فقدان سند مالکیت

برابر رأی شماره ۱۴۰۵۶۰۳۰۶۰۲۵۰۰۰۰۰ مورخ ۱۴۰۵/۰۵/۲۰ هیأت اول موضوع قانون تعیین تکلیف وضعیت ثبتی اراضی و ساختمان‌های فاقد سند رسمی مستقر در واحد ثبتی حوزه ثبت ملک شهرری تصرفات مالکانه بلامعارض متقاضی نسبت به ششدانگ یک قطعه زمین با بنای احداثی در آن به مساحت مورد نظر مفروز و مجزی شده از پلاک فرعی از اصلی واقع در بخش ۱۲ تهران خریداری از مالک رسمی محرز گردیده است. لذا به منظور اطلاع عموم مراتب در دو نوبت به فاصله ۱۵ روز آگهی می‌شود در صورتی که اشخاص نسبت به صدور سند مالکیت متقاضی اعتراضی داشته باشند می‌توانند از تاریخ انتشار اولین آگهی به مدت دو ماه اعتراض خود را به این اداره تسلیم و پس از اخذ رسید ظرف مدت یک ماه از تاریخ تسلیم اعتراض دادخواست خود را به مرجع قضایی تقدیم نمایند. بدیهی است در صورت انقضای مدت مذکور و عدم وصول اعتراض طبق مقررات سند مالکیت صادر خواهد شد.

تاریخ انتشار نوبت اول: ۱۴۰۵/۰۶/۱۰ تاریخ انتشار نوبت دوم: ۱۴۰۵/۰۶/۲۵

امیرحسین خلیلی

رئیس ثبت اسناد و املاک الیگودرز

۱۰۱۹

آگهی موضوع ماده ۳ قانون و ماده ۱۳ آیین‌نامه قانون تعیین تکلیف وضعیت ثبتی اراضی و ساختمان‌های فاقد سند رسمی

برابر رأی شماره ۱۴۰۵۶۰۳۰۶۰۲۵۰۰۰۰۰ مورخ ۱۴۰۵/۰۵/۲۰ هیأت اول موضوع قانون تعیین تکلیف وضعیت ثبتی اراضی و ساختمان‌های فاقد سند رسمی مستقر در واحد ثبتی حوزه ثبت ملک شهرری تصرفات مالکانه بلامعارض متقاضی نسبت به ششدانگ یک قطعه زمین با بنای احداثی در آن به مساحت مورد نظر مفروز و مجزی شده از پلاک فرعی از اصلی واقع در بخش ۱۲ تهران خریداری از مالک رسمی محرز گردیده است. لذا به منظور اطلاع عموم مراتب در دو نوبت به فاصله ۱۵ روز آگهی می‌شود در صورتی که اشخاص نسبت به صدور سند مالکیت متقاضی اعتراضی داشته باشند می‌توانند از تاریخ انتشار اولین آگهی به مدت دو ماه اعتراض خود را به این اداره تسلیم و پس از اخذ رسید ظرف مدت یک ماه از تاریخ تسلیم اعتراض دادخواست خود را به مرجع قضایی تقدیم نمایند. بدیهی است در صورت انقضای مدت مذکور و عدم وصول اعتراض طبق مقررات سند مالکیت صادر خواهد شد.

تاریخ انتشار نوبت اول: ۱۴۰۵/۰۶/۱۰ تاریخ انتشار نوبت دوم: ۱۴۰۵/۰۶/۲۵

خالد خانه بیگی

رئیس ثبت اسناد و املاک

۱۰۲۱

آگهی موضوع ماده ۳ قانون و ماده ۱۳ آیین‌نامه قانون تعیین تکلیف وضعیت ثبتی اراضی و ساختمان‌های فاقد سند رسمی

برابر رأی شماره ۱۴۰۵۶۰۳۰۶۰۲۵۰۰۰۰۰ مورخ ۱۴۰۵/۰۵/۲۰ هیأت اول موضوع قانون تعیین تکلیف وضعیت ثبتی اراضی و ساختمان‌های فاقد سند رسمی مستقر در واحد ثبتی حوزه ثبت ملک شهرری تصرفات مالکانه بلامعارض متقاضی نسبت به ششدانگ یک قطعه زمین با بنای احداثی در آن به مساحت مورد نظر مفروز و مجزی شده از پلاک فرعی از اصلی واقع در بخش ۱۲ تهران خریداری از مالک رسمی محرز گردیده است. لذا به منظور اطلاع عموم مراتب در دو نوبت به فاصله ۱۵ روز آگهی می‌شود در صورتی که اشخاص نسبت به صدور سند مالکیت متقاضی اعتراضی داشته باشند می‌توانند از تاریخ انتشار اولین آگهی به مدت دو ماه اعتراض خود را به این اداره تسلیم و پس از اخذ رسید ظرف مدت یک ماه از تاریخ تسلیم اعتراض دادخواست خود را به مرجع قضایی تقدیم نمایند. بدیهی است در صورت انقضای مدت مذکور و عدم وصول اعتراض طبق مقررات سند مالکیت صادر خواهد شد.

تاریخ انتشار نوبت اول: ۱۴۰۵/۰۶/۱۰ تاریخ انتشار نوبت دوم: ۱۴۰۵/۰۶/۲۵

احمد کاشف

رئیس منطقه ثبت اسناد و املاک غرب اصفهان

۱۰۲۳

آگهی مزایده اموال غیرمنقول (اسناد ذمه)

برابر رأی شماره ۱۴۰۵۶۰۳۰۶۰۲۵۰۰۰۰۰ مورخ ۱۴۰۵/۰۵/۲۰ هیأت اول موضوع قانون تعیین تکلیف وضعیت ثبتی اراضی و ساختمان‌های فاقد سند رسمی مستقر در واحد ثبتی حوزه ثبت ملک شهرری تصرفات مالکانه بلامعارض متقاضی نسبت به ششدانگ یک قطعه زمین با بنای احداثی در آن به مساحت مورد نظر مفروز و مجزی شده از پلاک فرعی از اصلی واقع در بخش ۱۲ تهران خریداری از مالک رسمی محرز گردیده است. لذا به منظور اطلاع عموم مراتب در دو نوبت به فاصله ۱۵ روز آگهی می‌شود در صورتی که اشخاص نسبت به صدور سند مالکیت متقاضی اعتراضی داشته باشند می‌توانند از تاریخ انتشار اولین آگهی به مدت دو ماه اعتراض خود را به این اداره تسلیم و پس از اخذ رسید ظرف مدت یک ماه از تاریخ تسلیم اعتراض دادخواست خود را به مرجع قضایی تقدیم نمایند. بدیهی است در صورت انقضای مدت مذکور و عدم وصول اعتراض طبق مقررات سند مالکیت صادر خواهد شد.

تاریخ انتشار نوبت اول: ۱۴۰۵/۰۶/۱۰ تاریخ انتشار نوبت دوم: ۱۴۰۵/۰۶/۲۵

خالد خانه بیگی

رئیس ثبت اسناد و املاک مهاباد

۱۰۲۵

۹.۴۰ m
۲۰.۰۰
مساحت ۱۹۰.۷۶ مترمربع

آگهی ابلاغ موضوع ماده ۱۲ قانون تعیین تکلیف

برابر رأی شماره ۱۴۰۵۶۰۳۰۶۰۲۵۰۰۰۰۰ مورخ ۱۴۰۵/۰۵/۲۰ هیأت اول موضوع قانون تعیین تکلیف وضعیت ثبتی اراضی و ساختمان‌های فاقد سند رسمی مستقر در واحد ثبتی حوزه ثبت ملک شهرری تصرفات مالکانه بلامعارض متقاضی نسبت به ششدانگ یک قطعه زمین با بنای احداثی در آن به مساحت مورد نظر مفروز و مجزی شده از پلاک فرعی از اصلی واقع در بخش ۱۲ تهران خریداری از مالک رسمی محرز گردیده است. لذا به منظور اطلاع عموم مراتب در دو نوبت به فاصله ۱۵ روز آگهی می‌شود در صورتی که اشخاص نسبت به صدور سند مالکیت متقاضی اعتراضی داشته باشند می‌توانند از تاریخ انتشار اولین آگهی به مدت دو ماه اعتراض خود را به این اداره تسلیم و پس از اخذ رسید ظرف مدت یک ماه از تاریخ تسلیم اعتراض دادخواست خود را به مرجع قضایی تقدیم نمایند. بدیهی است در صورت انقضای مدت مذکور و عدم وصول اعتراض طبق مقررات سند مالکیت صادر خواهد شد.

تاریخ انتشار نوبت اول: ۱۴۰۵/۰۶/۱۰ تاریخ انتشار نوبت دوم: ۱۴۰۵/۰۶/۲۵

انور نبه بحش

رئیس ثبت اسناد و املاک شهرستان زهک

۱۰۲۷
